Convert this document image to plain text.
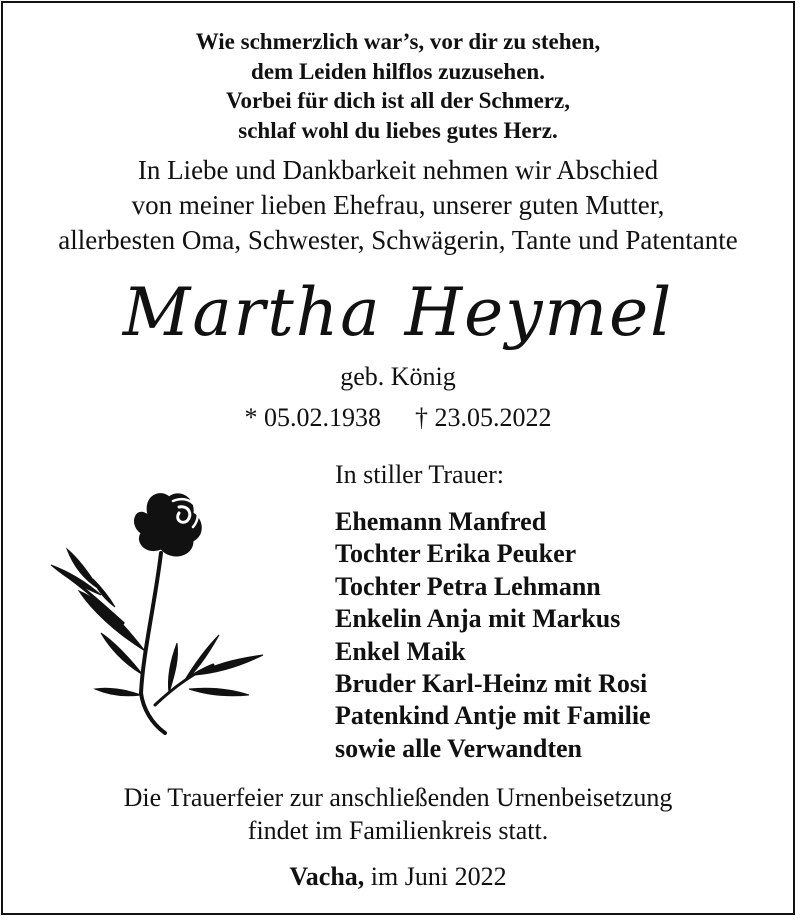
Wie schmerzlich war’s, vor dir zu stehen,
dem Leiden hilflos zuzusehen.
Vorbei für dich ist all der Schmerz,
schlaf wohl du liebes gutes Herz.
In Liebe und Dankbarkeit nehmen wir Abschied
von meiner lieben Ehefrau, unserer guten Mutter,
allerbesten Oma, Schwester, Schwägerin, Tante und Patentante
Martha Heymel
geb. König
* 05.02.1938 † 23.05.2022
In stiller Trauer:
Ehemann Manfred
Tochter Erika Peuker
Tochter Petra Lehmann
Enkelin Anja mit Markus
Enkel Maik
Bruder Karl-Heinz mit Rosi
Patenkind Antje mit Familie
sowie alle Verwandten
Die Trauerfeier zur anschließenden Urnenbeisetzung
findet im Familienkreis statt.
Vacha, im Juni 2022
